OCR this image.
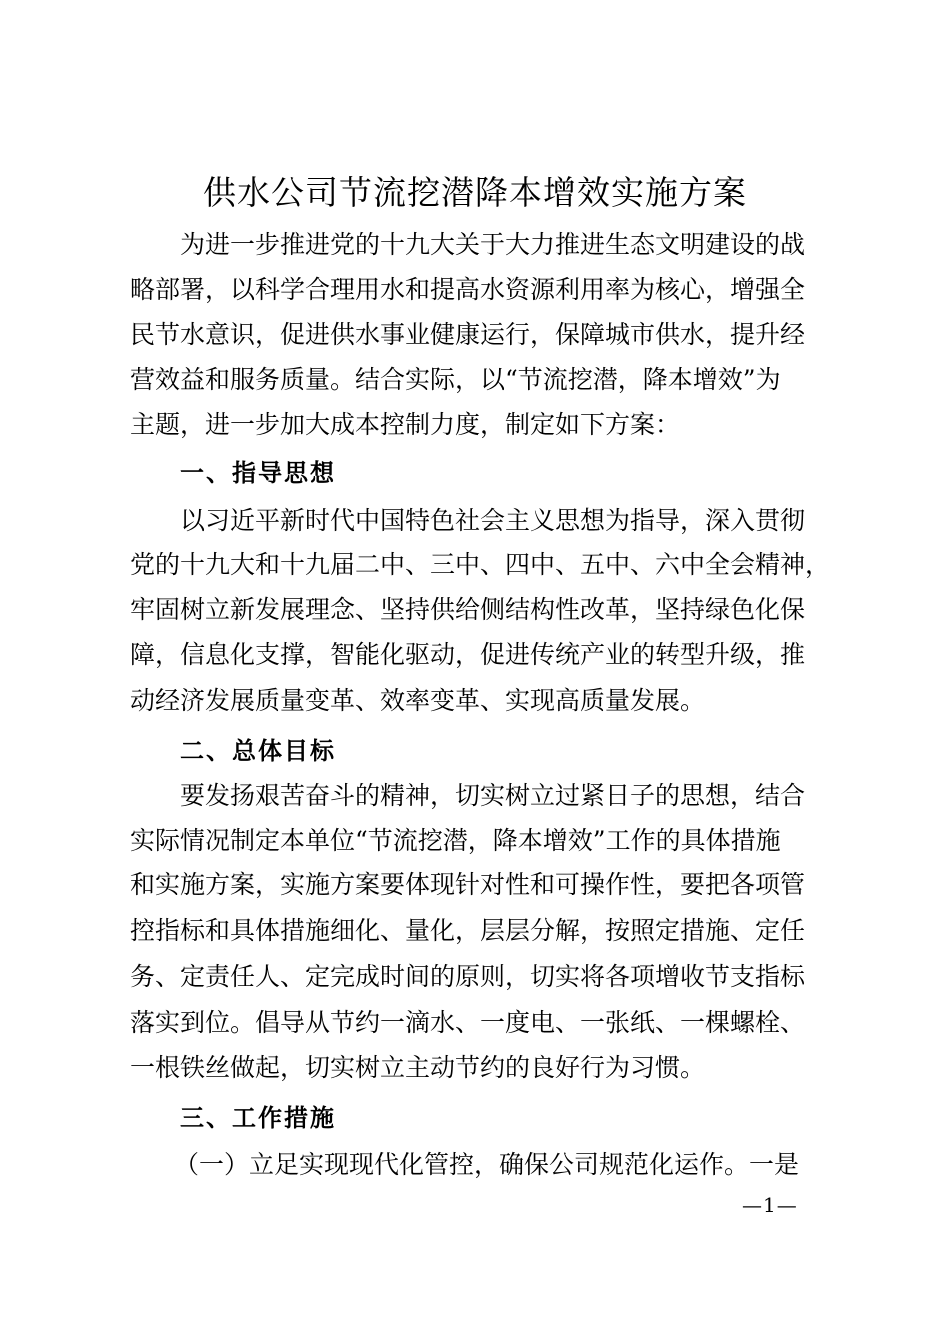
供水公司节流挖潜降本增效实施方案
为进一步推进党的十九大关于大力推进生态文明建设的战
略部署，以科学合理用水和提高水资源利用率为核心，增强全
民节水意识，促进供水事业健康运行，保障城市供水，提升经
营效益和服务质量。结合实际，以“节流挖潜，降本增效”为
主题，进一步加大成本控制力度，制定如下方案：
一、指导思想
以习近平新时代中国特色社会主义思想为指导，深入贯彻
党的十九大和十九届二中、三中、四中、五中、六中全会精神，
牢固树立新发展理念、坚持供给侧结构性改革，坚持绿色化保
障，信息化支撑，智能化驱动，促进传统产业的转型升级，推
动经济发展质量变革、效率变革、实现高质量发展。
二、总体目标
要发扬艰苦奋斗的精神，切实树立过紧日子的思想，结合
实际情况制定本单位“节流挖潜，降本增效”工作的具体措施
和实施方案，实施方案要体现针对性和可操作性，要把各项管
控指标和具体措施细化、量化，层层分解，按照定措施、定任
务、定责任人、定完成时间的原则，切实将各项增收节支指标
落实到位。倡导从节约一滴水、一度电、一张纸、一棵螺栓、
一根铁丝做起，切实树立主动节约的良好行为习惯。
三、工作措施
（一）立足实现现代化管控，确保公司规范化运作。一是
—1—
